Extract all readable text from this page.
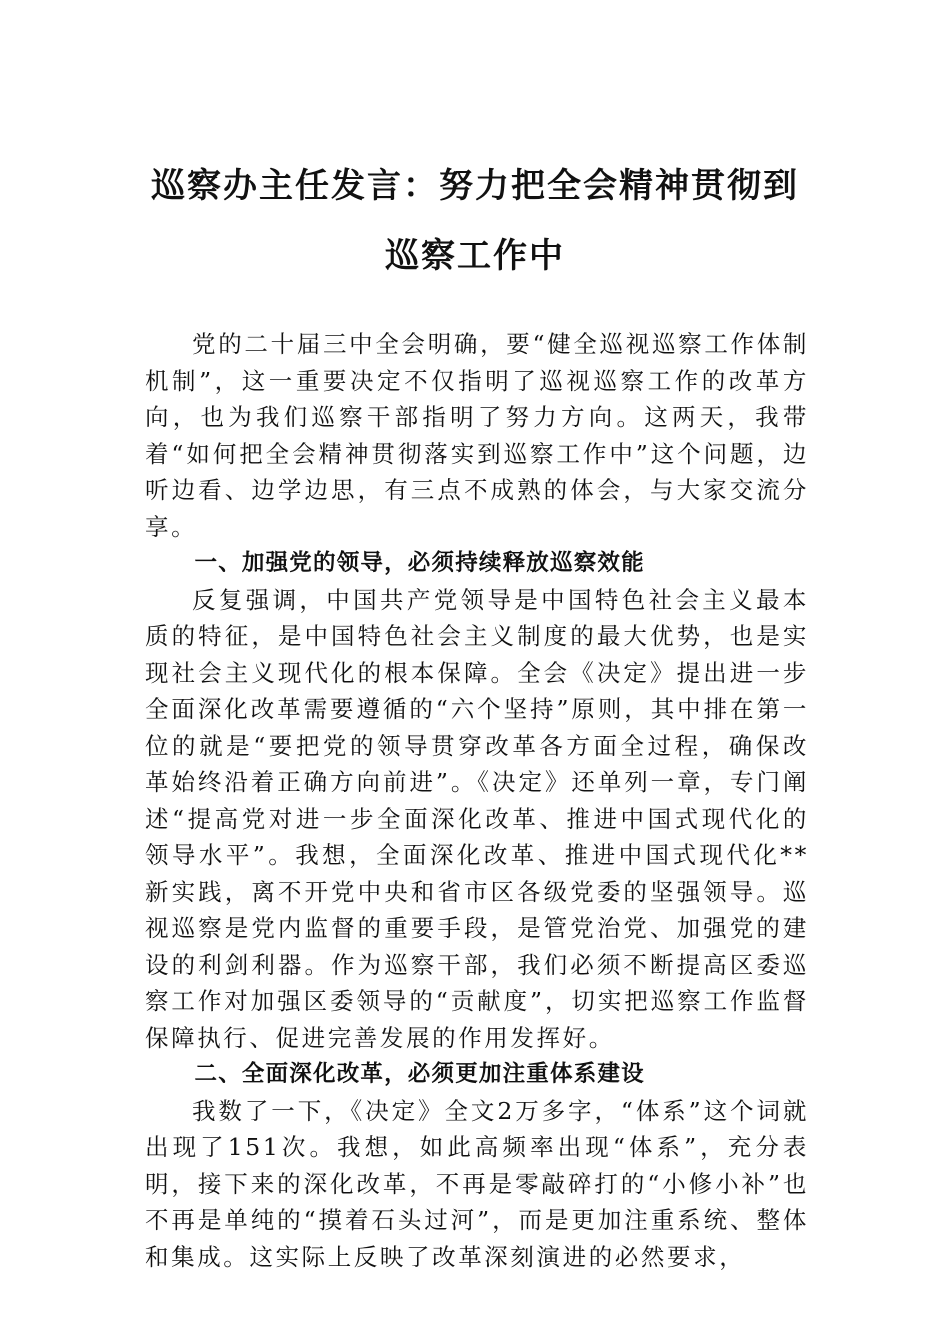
巡察办主任发言：努力把全会精神贯彻到
巡察工作中

党的二十届三中全会明确，要“健全巡视巡察工作体制机制”，这一重要决定不仅指明了巡视巡察工作的改革方向，也为我们巡察干部指明了努力方向。这两天，我带着“如何把全会精神贯彻落实到巡察工作中”这个问题，边听边看、边学边思，有三点不成熟的体会，与大家交流分享。

一、加强党的领导，必须持续释放巡察效能

反复强调，中国共产党领导是中国特色社会主义最本质的特征，是中国特色社会主义制度的最大优势，也是实现社会主义现代化的根本保障。全会《决定》提出进一步全面深化改革需要遵循的“六个坚持”原则，其中排在第一位的就是“要把党的领导贯穿改革各方面全过程，确保改革始终沿着正确方向前进”。《决定》还单列一章，专门阐述“提高党对进一步全面深化改革、推进中国式现代化的领导水平”。我想，全面深化改革、推进中国式现代化**新实践，离不开党中央和省市区各级党委的坚强领导。巡视巡察是党内监督的重要手段，是管党治党、加强党的建设的利剑利器。作为巡察干部，我们必须不断提高区委巡察工作对加强区委领导的“贡献度”，切实把巡察工作监督保障执行、促进完善发展的作用发挥好。

二、全面深化改革，必须更加注重体系建设

我数了一下，《决定》全文2万多字，“体系”这个词就出现了151次。我想，如此高频率出现“体系”，充分表明，接下来的深化改革，不再是零敲碎打的“小修小补”也不再是单纯的“摸着石头过河”，而是更加注重系统、整体和集成。这实际上反映了改革深刻演进的必然要求，
